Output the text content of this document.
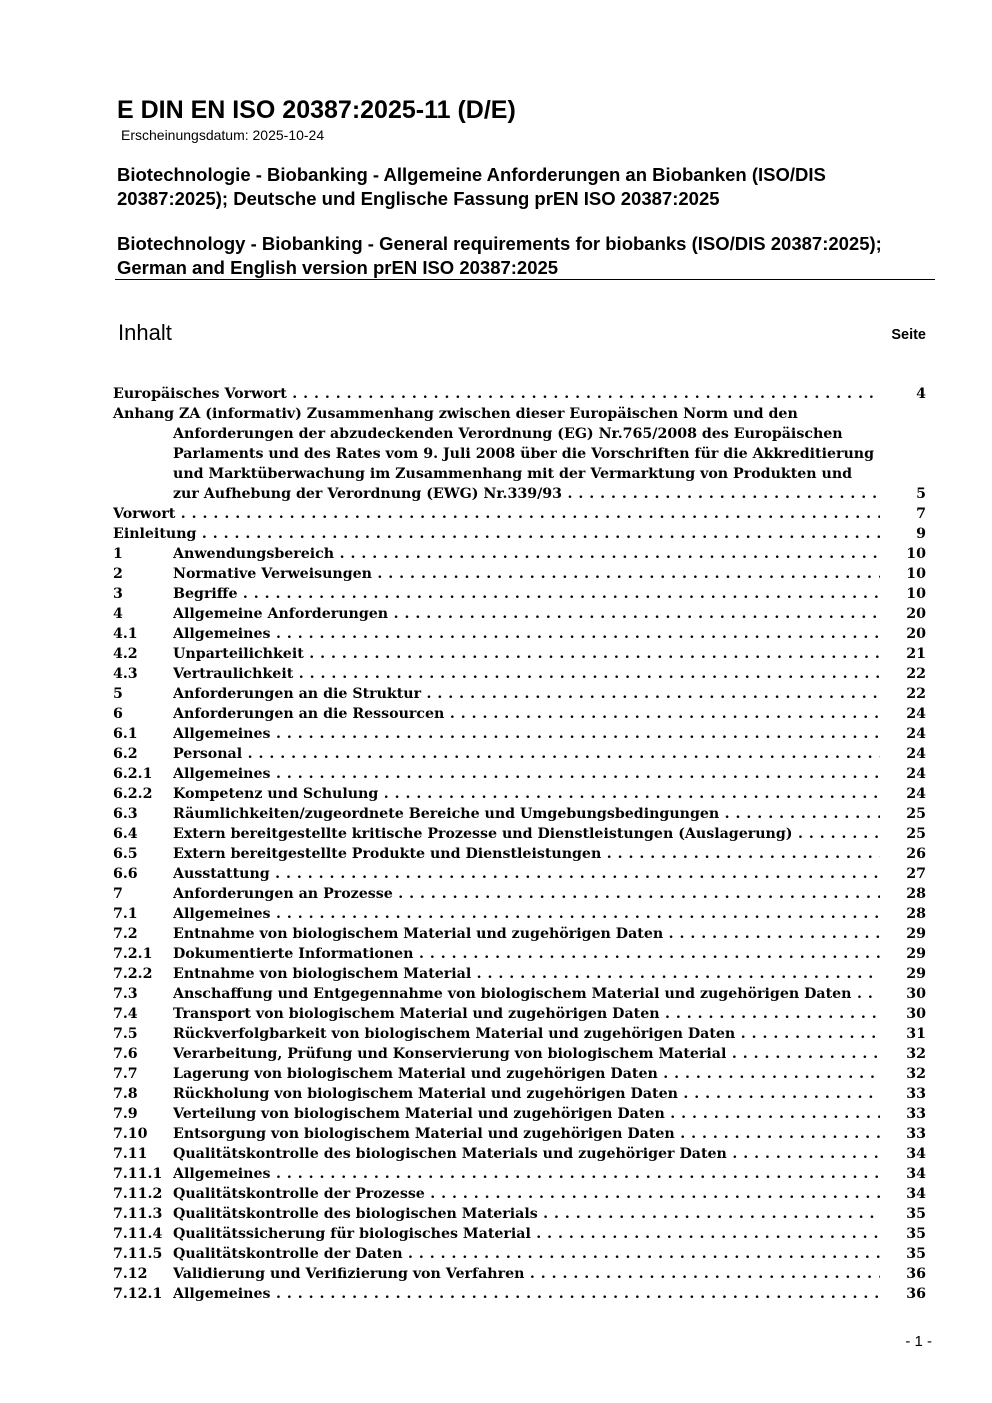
E DIN EN ISO 20387:2025-11 (D/E)
Erscheinungsdatum: 2025-10-24
Biotechnologie - Biobanking - Allgemeine Anforderungen an Biobanken (ISO/DIS 20387:2025); Deutsche und Englische Fassung prEN ISO 20387:2025
Biotechnology - Biobanking - General requirements for biobanks (ISO/DIS 20387:2025); German and English version prEN ISO 20387:2025
Inhalt	Seite
Europäisches Vorwort . . .	4
Anhang ZA (informativ) Zusammenhang zwischen dieser Europäischen Norm und den
Anforderungen der abzudeckenden Verordnung (EG) Nr.765/2008 des Europäischen
Parlaments und des Rates vom 9. Juli 2008 über die Vorschriften für die Akkreditierung
und Marktüberwachung im Zusammenhang mit der Vermarktung von Produkten und
zur Aufhebung der Verordnung (EWG) Nr.339/93 . . .	5
Vorwort . . .	7
Einleitung . . .	9
1	Anwendungsbereich . . .	10
2	Normative Verweisungen . . .	10
3	Begriffe . . .	10
4	Allgemeine Anforderungen . . .	20
4.1 Allgemeines . . .	20
4.2 Unparteilichkeit . . .	21
4.3 Vertraulichkeit . . .	22
5	Anforderungen an die Struktur . . .	22
6	Anforderungen an die Ressourcen . . .	24
6.1 Allgemeines . . .	24
6.2 Personal . . .	24
6.2.1 Allgemeines . . .	24
6.2.2 Kompetenz und Schulung . . .	24
6.3 Räumlichkeiten/zugeordnete Bereiche und Umgebungsbedingungen . . .	25
6.4 Extern bereitgestellte kritische Prozesse und Dienstleistungen (Auslagerung) . . .	25
6.5 Extern bereitgestellte Produkte und Dienstleistungen . . .	26
6.6 Ausstattung . . .	27
7	Anforderungen an Prozesse . . .	28
7.1 Allgemeines . . .	28
7.2 Entnahme von biologischem Material und zugehörigen Daten . . .	29
7.2.1 Dokumentierte Informationen . . .	29
7.2.2 Entnahme von biologischem Material . . .	29
7.3 Anschaffung und Entgegennahme von biologischem Material und zugehörigen Daten . . .	30
7.4 Transport von biologischem Material und zugehörigen Daten . . .	30
7.5 Rückverfolgbarkeit von biologischem Material und zugehörigen Daten . . .	31
7.6 Verarbeitung, Prüfung und Konservierung von biologischem Material . . .	32
7.7 Lagerung von biologischem Material und zugehörigen Daten . . .	32
7.8 Rückholung von biologischem Material und zugehörigen Daten . . .	33
7.9 Verteilung von biologischem Material und zugehörigen Daten . . .	33
7.10 Entsorgung von biologischem Material und zugehörigen Daten . . .	33
7.11 Qualitätskontrolle des biologischen Materials und zugehöriger Daten . . .	34
7.11.1 Allgemeines . . .	34
7.11.2 Qualitätskontrolle der Prozesse . . .	34
7.11.3 Qualitätskontrolle des biologischen Materials . . .	35
7.11.4 Qualitätssicherung für biologisches Material . . .	35
7.11.5 Qualitätskontrolle der Daten . . .	35
7.12 Validierung und Verifizierung von Verfahren . . .	36
7.12.1 Allgemeines . . .	36
- 1 -
